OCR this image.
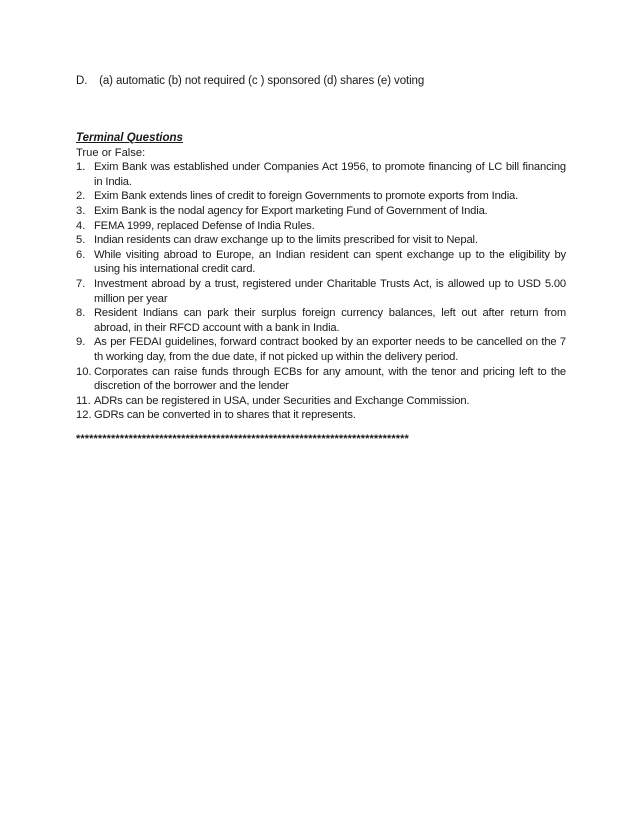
D. (a) automatic (b) not required (c ) sponsored (d) shares (e) voting

Terminal Questions

True or False:

1. Exim Bank was established under Companies Act 1956, to promote financing of LC bill financing in India.
2. Exim Bank extends lines of credit to foreign Governments to promote exports from India.
3. Exim Bank is the nodal agency for Export marketing Fund of Government of India.
4. FEMA 1999, replaced Defense of India Rules.
5. Indian residents can draw exchange up to the limits prescribed for visit to Nepal.
6. While visiting abroad to Europe, an Indian resident can spent exchange up to the eligibility by using his international credit card.
7. Investment abroad by a trust, registered under Charitable Trusts Act, is allowed up to USD 5.00 million per year
8. Resident Indians can park their surplus foreign currency balances, left out after return from abroad, in their RFCD account with a bank in India.
9. As per FEDAI guidelines, forward contract booked by an exporter needs to be cancelled on the 7 th working day, from the due date, if not picked up within the delivery period.
10. Corporates can raise funds through ECBs for any amount, with the tenor and pricing left to the discretion of the borrower and the lender
11. ADRs can be registered in USA, under Securities and Exchange Commission.
12. GDRs can be converted in to shares that it represents.
****************************************************************************
